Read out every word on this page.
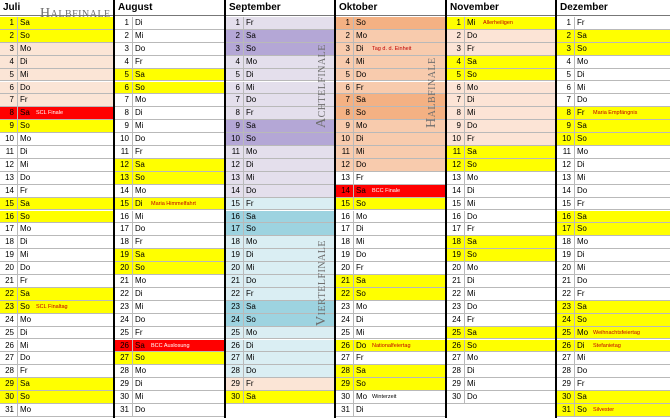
Juli
1 Sa
2 So
3 Mo
4 Di
5 Mi
6 Do
7 Fr
8 Sa	SCL Finale
9 So
10 Mo
11 Di
12 Mi
13 Do
14 Fr
15 Sa
16 So
17 Mo
18 Di
19 Mi
20 Do
21 Fr
22 Sa
23 So	SCL Finaltag
24 Mo
25 Di
26 Mi
27 Do
28 Fr
29 Sa
30 So
31 Mo
August
1 Di
2 Mi
3 Do
4 Fr
5 Sa
6 So
7 Mo
8 Di
9 Mi
10 Do
11 Fr
12 Sa
13 So
14 Mo
15 Di	Maria Himmelfahrt
16 Mi
17 Do
18 Fr
19 Sa
20 So
21 Mo
22 Di
23 Mi
24 Do
25 Fr
26 Sa	BCC Auslosung
27 So
28 Mo
29 Di
30 Mi
31 Do
September
1 Fr
2 Sa
3 So
4 Mo
5 Di
6 Mi
7 Do
8 Fr
9 Sa
10 So
11 Mo
12 Di
13 Mi
14 Do
15 Fr
16 Sa
17 So
18 Mo
19 Di
20 Mi
21 Do
22 Fr
23 Sa
24 So
25 Mo
26 Di
27 Mi
28 Do
29 Fr
30 Sa
Oktober
1 So
2 Mo
3 Di	Tag d. d. Einheit
4 Mi
5 Do
6 Fr
7 Sa
8 So
9 Mo
10 Di
11 Mi
12 Do
13 Fr
14 Sa	BCC Finale
15 So
16 Mo
17 Di
18 Mi
19 Do
20 Fr
21 Sa
22 So
23 Mo
24 Di
25 Mi
26 Do	Nationalfeiertag
27 Fr
28 Sa
29 So
30 Mo Winterzeit
31 Di
November
1 Mi	Allerheiligen
2 Do
3 Fr
4 Sa
5 So
6 Mo
7 Di
8 Mi
9 Do
10 Fr
11 Sa
12 So
13 Mo
14 Di
15 Mi
16 Do
17 Fr
18 Sa
19 So
20 Mo
21 Di
22 Mi
23 Do
24 Fr
25 Sa
26 So
27 Mo
28 Di
29 Mi
30 Do
Dezember
1 Fr
2 Sa
3 So
4 Mo
5 Di
6 Mi
7 Do
8 Fr	Maria Empfängnis
9 Sa
10 So
11 Mo
12 Di
13 Mi
14 Do
15 Fr
16 Sa
17 So
18 Mo
19 Di
20 Mi
21 Do
22 Fr
23 Sa
24 So
25 Mo Weihnachtsfeiertag
26 Di	Stefanietag
27 Mi
28 Do
29 Fr
30 Sa
31 So	Silvester
Halbfinale
Achtelfinale	Halbfinale
Viertelfinale
